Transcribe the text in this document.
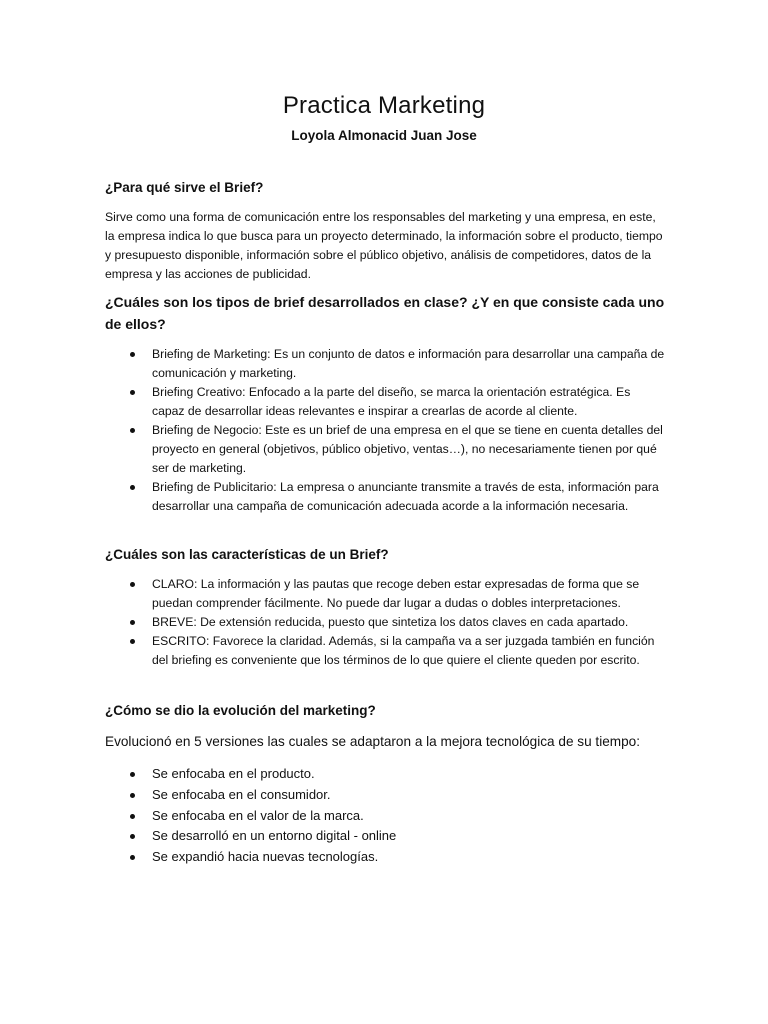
Practica Marketing
Loyola Almonacid Juan Jose
¿Para qué sirve el Brief?

Sirve como una forma de comunicación entre los responsables del marketing y una empresa, en este, la empresa indica lo que busca para un proyecto determinado, la información sobre el producto, tiempo y presupuesto disponible, información sobre el público objetivo, análisis de competidores, datos de la empresa y las acciones de publicidad.

¿Cuáles son los tipos de brief desarrollados en clase? ¿Y en que consiste cada uno de ellos?
Briefing de Marketing: Es un conjunto de datos e información para desarrollar una campaña de comunicación y marketing.
Briefing Creativo: Enfocado a la parte del diseño, se marca la orientación estratégica. Es capaz de desarrollar ideas relevantes e inspirar a crearlas de acorde al cliente.
Briefing de Negocio: Este es un brief de una empresa en el que se tiene en cuenta detalles del proyecto en general (objetivos, público objetivo, ventas…), no necesariamente tienen por qué ser de marketing.
Briefing de Publicitario: La empresa o anunciante transmite a través de esta, información para desarrollar una campaña de comunicación adecuada acorde a la información necesaria.
¿Cuáles son las características de un Brief?
CLARO: La información y las pautas que recoge deben estar expresadas de forma que se puedan comprender fácilmente. No puede dar lugar a dudas o dobles interpretaciones.
BREVE: De extensión reducida, puesto que sintetiza los datos claves en cada apartado.
ESCRITO: Favorece la claridad. Además, si la campaña va a ser juzgada también en función del briefing es conveniente que los términos de lo que quiere el cliente queden por escrito.
¿Cómo se dio la evolución del marketing?

Evolucionó en 5 versiones las cuales se adaptaron a la mejora tecnológica de su tiempo:

Se enfocaba en el producto.
Se enfocaba en el consumidor.
Se enfocaba en el valor de la marca.
Se desarrolló en un entorno digital - online
Se expandió hacia nuevas tecnologías.
